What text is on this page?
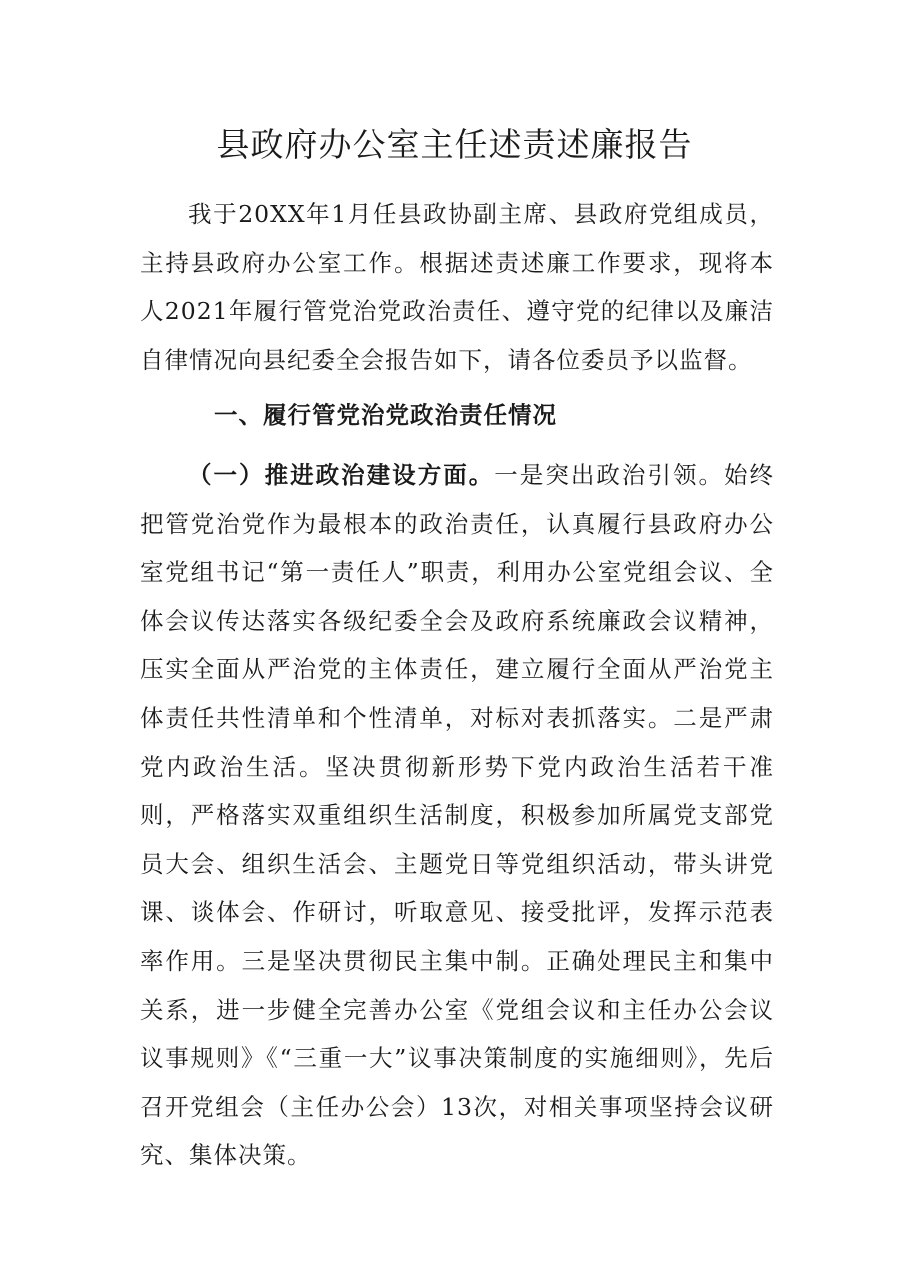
县政府办公室主任述责述廉报告

我于20XX年1月任县政协副主席、县政府党组成员，主持县政府办公室工作。根据述责述廉工作要求，现将本人2021年履行管党治党政治责任、遵守党的纪律以及廉洁自律情况向县纪委全会报告如下，请各位委员予以监督。

一、履行管党治党政治责任情况

（一）推进政治建设方面。一是突出政治引领。始终把管党治党作为最根本的政治责任，认真履行县政府办公室党组书记“第一责任人”职责，利用办公室党组会议、全体会议传达落实各级纪委全会及政府系统廉政会议精神，压实全面从严治党的主体责任，建立履行全面从严治党主体责任共性清单和个性清单，对标对表抓落实。二是严肃党内政治生活。坚决贯彻新形势下党内政治生活若干准则，严格落实双重组织生活制度，积极参加所属党支部党员大会、组织生活会、主题党日等党组织活动，带头讲党课、谈体会、作研讨，听取意见、接受批评，发挥示范表率作用。三是坚决贯彻民主集中制。正确处理民主和集中关系，进一步健全完善办公室《党组会议和主任办公会议议事规则》《“三重一大”议事决策制度的实施细则》，先后召开党组会（主任办公会）13次，对相关事项坚持会议研究、集体决策。
